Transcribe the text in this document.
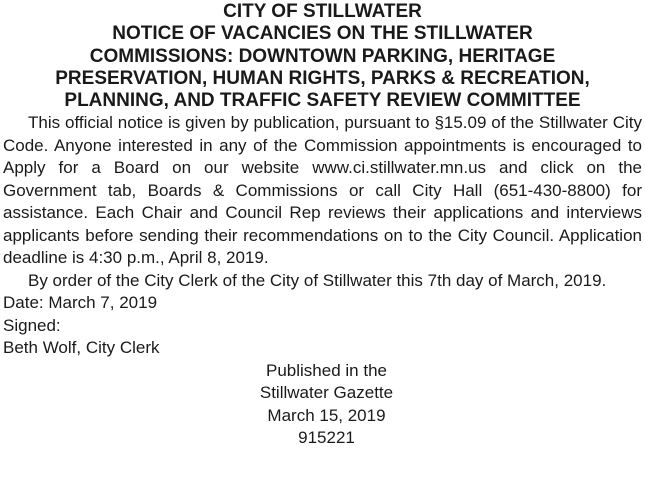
CITY OF STILLWATER
NOTICE OF VACANCIES ON THE STILLWATER
COMMISSIONS: DOWNTOWN PARKING, HERITAGE
PRESERVATION, HUMAN RIGHTS, PARKS & RECREATION,
PLANNING, AND TRAFFIC SAFETY REVIEW COMMITTEE

This official notice is given by publication, pursuant to §15.09 of the Stillwater City Code. Anyone interested in any of the Commission appointments is encouraged to Apply for a Board on our website www.ci.stillwater.mn.us and click on the Government tab, Boards & Commissions or call City Hall (651-430-8800) for assistance. Each Chair and Council Rep reviews their applications and interviews applicants before sending their recommendations on to the City Council. Application deadline is 4:30 p.m., April 8, 2019.

By order of the City Clerk of the City of Stillwater this 7th day of March, 2019.

Date: March 7, 2019

Signed:

Beth Wolf, City Clerk

Published in the
Stillwater Gazette
March 15, 2019
915221
